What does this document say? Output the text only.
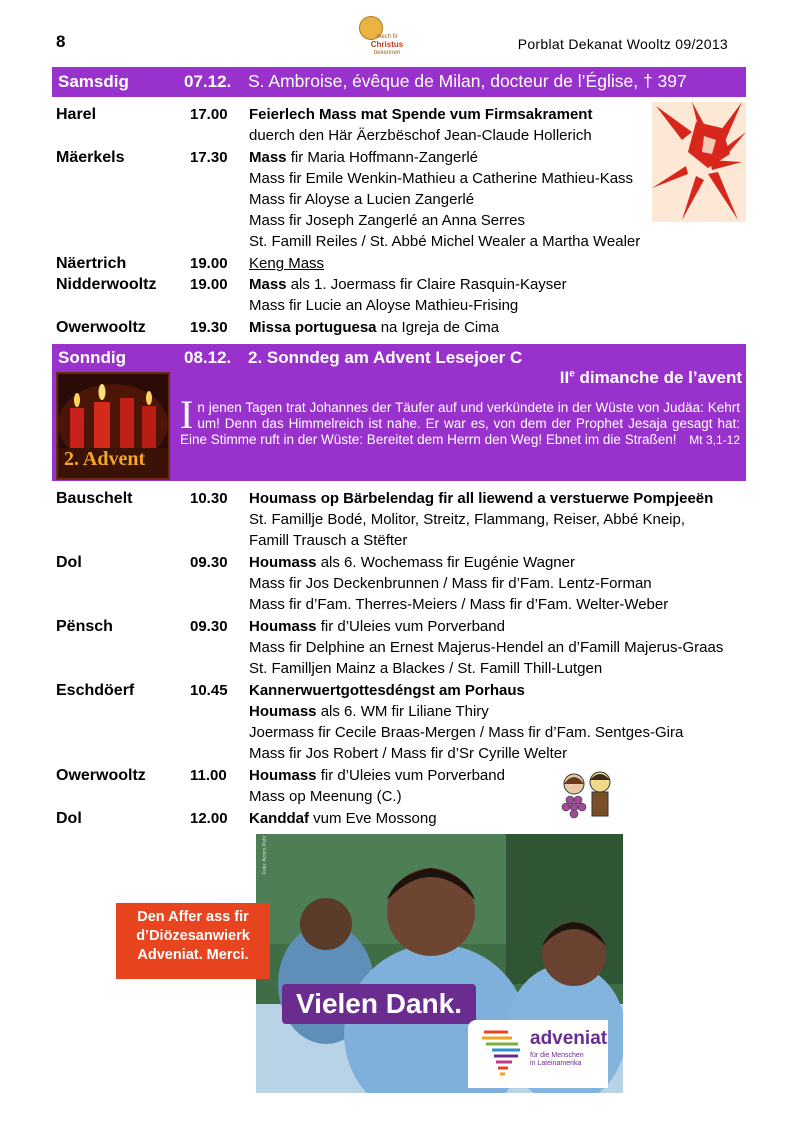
8	mech fir
Christus
bekennen
Porblat Dekanat Wooltz 09/2013
Samsdig	07.12. S. Ambroise, évêque de Milan, docteur de l’Église, † 397
Harel	17.00 Feierlech Mass mat Spende vum Firmsakrament
duerch den Här Äerzbëschof Jean-Claude Hollerich
Mäerkels	17.30 Mass fir Maria Hoffmann-Zangerlé
Mass fir Emile Wenkin-Mathieu a Catherine Mathieu-Kass
Mass fir Aloyse a Lucien Zangerlé
Mass fir Joseph Zangerlé an Anna Serres
St. Famill Reiles / St. Abbé Michel Wealer a Martha Wealer
Näertrich	19.00 Keng Mass
Nidderwooltz 19.00 Mass als 1. Joermass fir Claire Rasquin-Kayser
Mass fir Lucie an Aloyse Mathieu-Frising
Owerwooltz	19.30 Missa portuguesa na Igreja de Cima
Sonndig	08.12. 2. Sonndeg am Advent Lesejoer C
IIe dimanche de l’avent
2. Advent
In jenen Tagen trat Johannes der Täufer auf und verkündete in der Wüste von Judäa: Kehrt um! Denn das Himmelreich ist nahe. Er war es, von dem der Prophet Jesaja gesagt hat: Eine Stimme ruft in der Wüste: Bereitet dem Herrn den Weg! Ebnet im die Straßen! Mt 3,1-12
Bauschelt	10.30 Houmass op Bärbelendag fir all liewend a verstuerwe Pompjeeën
St. Famillje Bodé, Molitor, Streitz, Flammang, Reiser, Abbé Kneip,
Famill Trausch a Stëfter
Dol	09.30 Houmass als 6. Wochemass fir Eugénie Wagner
Mass fir Jos Deckenbrunnen / Mass fir d’Fam. Lentz-Forman
Mass fir d’Fam. Therres-Meiers / Mass fir d’Fam. Welter-Weber
Pënsch	09.30 Houmass fir d’Uleies vum Porverband
Mass fir Delphine an Ernest Majerus-Hendel an d’Famill Majerus-Graas
St. Familljen Mainz a Blackes / St. Famill Thill-Lutgen
Eschdöerf	10.45 Kannerwuertgottesdéngst am Porhaus
Houmass als 6. WM fir Liliane Thiry
Joermass fir Cecile Braas-Mergen / Mass fir d’Fam. Sentges-Gira
Mass fir Jos Robert / Mass fir d’Sr Cyrille Welter
Owerwooltz	11.00 Houmass fir d’Uleies vum Porverband
Mass op Meenung (C.)
Dol	12.00 Kanddaf vum Eve Mossong
Foto: Achim Pohl
Vielen Dank.
adveniat
für die Menschen
in Lateinamerika
Den Affer ass fir
d’Diözesanwierk
Adveniat. Merci.
